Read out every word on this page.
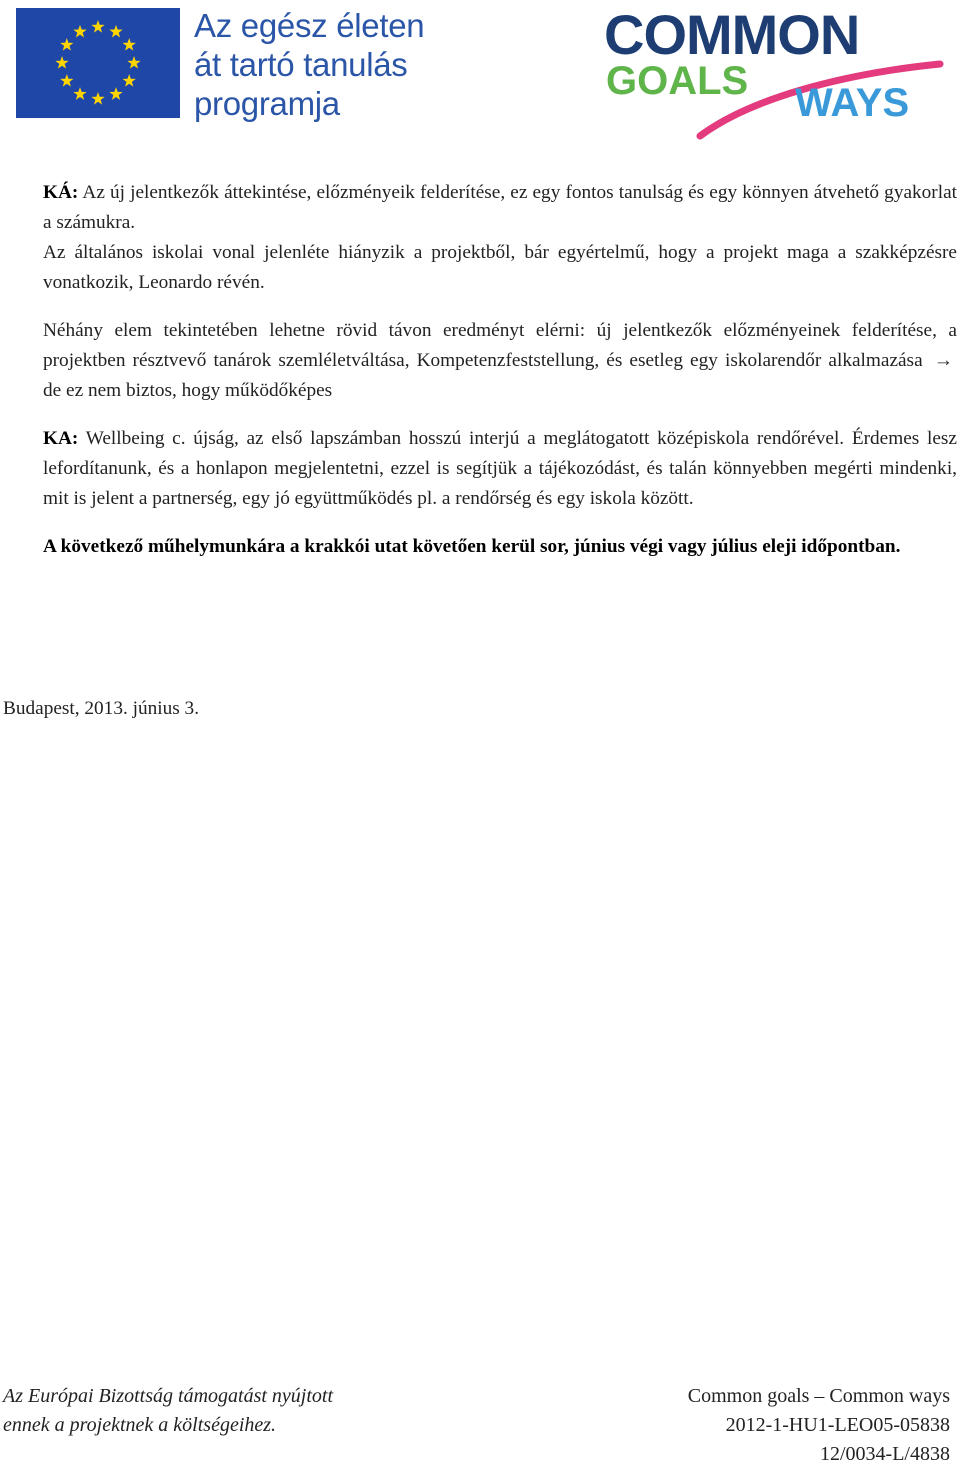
Az egész életen
át tartó tanulás
programja
COMMON
GOALS WAYS

KÁ: Az új jelentkezők áttekintése, előzményeik felderítése, ez egy fontos tanulság és egy könnyen átvehető gyakorlat a számukra.

Az általános iskolai vonal jelenléte hiányzik a projektből, bár egyértelmű, hogy a projekt maga a szakképzésre vonatkozik, Leonardo révén.

Néhány elem tekintetében lehetne rövid távon eredményt elérni: új jelentkezők előzményeinek felderítése, a projektben résztvevő tanárok szemléletváltása, Kompetenzfeststellung, és esetleg egy iskolarendőr alkalmazása → de ez nem biztos, hogy működőképes

KA: Wellbeing c. újság, az első lapszámban hosszú interjú a meglátogatott középiskola rendőrével. Érdemes lesz lefordítanunk, és a honlapon megjelentetni, ezzel is segítjük a tájékozódást, és talán könnyebben megérti mindenki, mit is jelent a partnerség, egy jó együttműködés pl. a rendőrség és egy iskola között.

A következő műhelymunkára a krakkói utat követően kerül sor, június végi vagy július eleji időpontban.

Budapest, 2013. június 3.
Az Európai Bizottság támogatást nyújtott
ennek a projektnek a költségeihez.
Common goals – Common ways
2012-1-HU1-LEO05-05838
12/0034-L/4838
